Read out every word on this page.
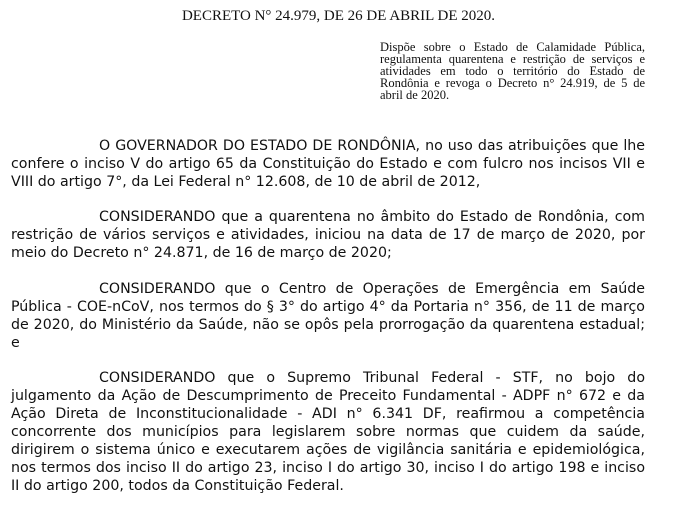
DECRETO N° 24.979, DE 26 DE ABRIL DE 2020.
Dispõe sobre o Estado de Calamidade Pública, regulamenta quarentena e restrição de serviços e atividades em todo o território do Estado de Rondônia e revoga o Decreto n° 24.919, de 5 de abril de 2020.

O GOVERNADOR DO ESTADO DE RONDÔNIA, no uso das atribuições que lhe confere o inciso V do artigo 65 da Constituição do Estado e com fulcro nos incisos VII e VIII do artigo 7°, da Lei Federal n° 12.608, de 10 de abril de 2012,

CONSIDERANDO que a quarentena no âmbito do Estado de Rondônia, com restrição de vários serviços e atividades, iniciou na data de 17 de março de 2020, por meio do Decreto n° 24.871, de 16 de março de 2020;

CONSIDERANDO que o Centro de Operações de Emergência em Saúde Pública - COE-nCoV, nos termos do § 3° do artigo 4° da Portaria n° 356, de 11 de março de 2020, do Ministério da Saúde, não se opôs pela prorrogação da quarentena estadual; e

CONSIDERANDO que o Supremo Tribunal Federal - STF, no bojo do julgamento da Ação de Descumprimento de Preceito Fundamental - ADPF n° 672 e da Ação Direta de Inconstitucionalidade - ADI n° 6.341 DF, reafirmou a competência concorrente dos municípios para legislarem sobre normas que cuidem da saúde, dirigirem o sistema único e executarem ações de vigilância sanitária e epidemiológica, nos termos dos inciso II do artigo 23, inciso I do artigo 30, inciso I do artigo 198 e inciso II do artigo 200, todos da Constituição Federal.
